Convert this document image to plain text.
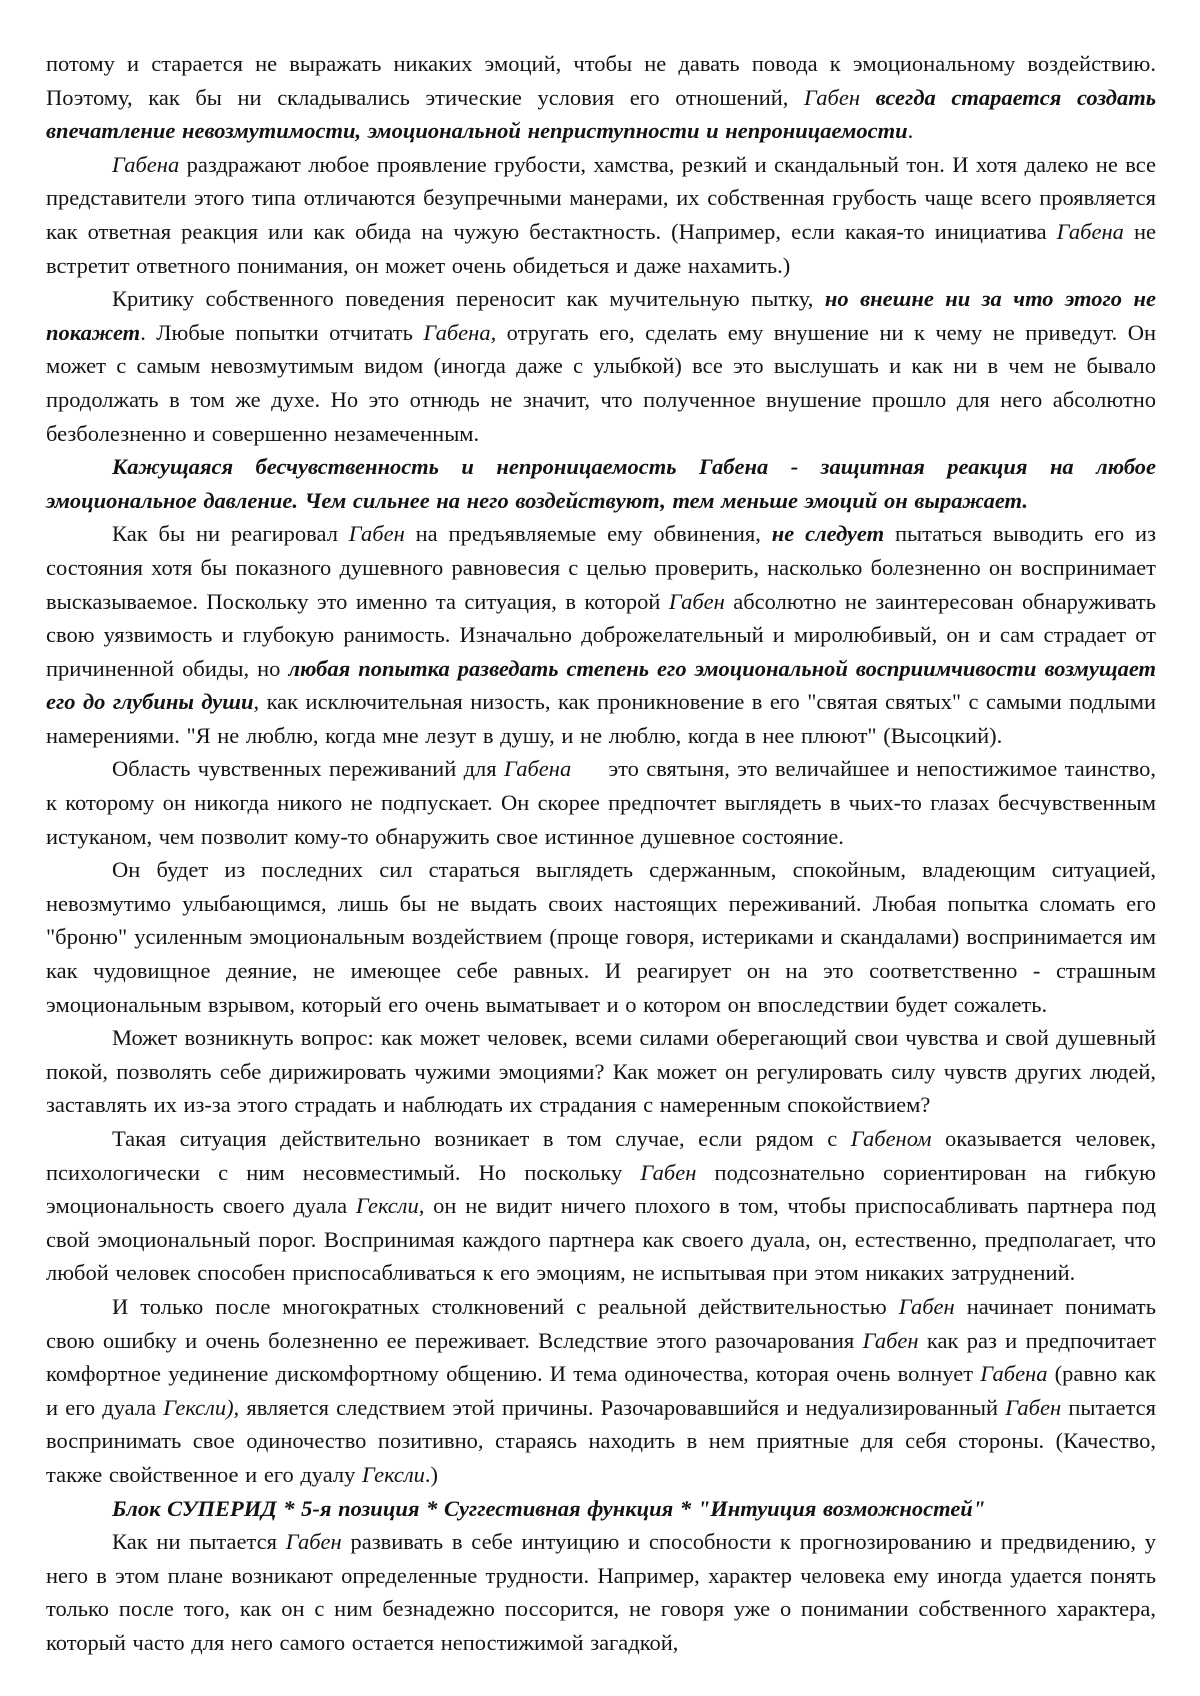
потому и старается не выражать никаких эмоций, чтобы не давать повода к эмоциональному воздействию. Поэтому, как бы ни складывались этические условия его отношений, Габен всегда старается создать впечатление невозмутимости, эмоциональной неприступности и непроницаемости.

Габена раздражают любое проявление грубости, хамства, резкий и скандальный тон. И хотя далеко не все представители этого типа отличаются безупречными манерами, их собственная грубость чаще всего проявляется как ответная реакция или как обида на чужую бестактность. (Например, если какая-то инициатива Габена не встретит ответного понимания, он может очень обидеться и даже нахамить.)

Критику собственного поведения переносит как мучительную пытку, но внешне ни за что этого не покажет. Любые попытки отчитать Габена, отругать его, сделать ему внушение ни к чему не приведут. Он может с самым невозмутимым видом (иногда даже с улыбкой) все это выслушать и как ни в чем не бывало продолжать в том же духе. Но это отнюдь не значит, что полученное внушение прошло для него абсолютно безболезненно и совершенно незамеченным.

Кажущаяся бесчувственность и непроницаемость Габена - защитная реакция на любое эмоциональное давление. Чем сильнее на него воздействуют, тем меньше эмоций он выражает.

Как бы ни реагировал Габен на предъявляемые ему обвинения, не следует пытаться выводить его из состояния хотя бы показного душевного равновесия с целью проверить, насколько болезненно он воспринимает высказываемое. Поскольку это именно та ситуация, в которой Габен абсолютно не заинтересован обнаруживать свою уязвимость и глубокую ранимость. Изначально доброжелательный и миролюбивый, он и сам страдает от причиненной обиды, но любая попытка разведать степень его эмоциональной восприимчивости возмущает его до глубины души, как исключительная низость, как проникновение в его "святая святых" с самыми подлыми намерениями. "Я не люблю, когда мне лезут в душу, и не люблю, когда в нее плюют" (Высоцкий).

Область чувственных переживаний для Габена   это святыня, это величайшее и непостижимое таинство, к которому он никогда никого не подпускает. Он скорее предпочтет выглядеть в чьих-то глазах бесчувственным истуканом, чем позволит кому-то обнаружить свое истинное душевное состояние.

Он будет из последних сил стараться выглядеть сдержанным, спокойным, владеющим ситуацией, невозмутимо улыбающимся, лишь бы не выдать своих настоящих переживаний. Любая попытка сломать его "броню" усиленным эмоциональным воздействием (проще говоря, истериками и скандалами) воспринимается им как чудовищное деяние, не имеющее себе равных. И реагирует он на это соответственно - страшным эмоциональным взрывом, который его очень выматывает и о котором он впоследствии будет сожалеть.

Может возникнуть вопрос: как может человек, всеми силами оберегающий свои чувства и свой душевный покой, позволять себе дирижировать чужими эмоциями? Как может он регулировать силу чувств других людей, заставлять их из-за этого страдать и наблюдать их страдания с намеренным спокойствием?

Такая ситуация действительно возникает в том случае, если рядом с Габеном оказывается человек, психологически с ним несовместимый. Но поскольку Габен подсознательно сориентирован на гибкую эмоциональность своего дуала Гексли, он не видит ничего плохого в том, чтобы приспосабливать партнера под свой эмоциональный порог. Воспринимая каждого партнера как своего дуала, он, естественно, предполагает, что любой человек способен приспосабливаться к его эмоциям, не испытывая при этом никаких затруднений.

И только после многократных столкновений с реальной действительностью Габен начинает понимать свою ошибку и очень болезненно ее переживает. Вследствие этого разочарования Габен как раз и предпочитает комфортное уединение дискомфортному общению. И тема одиночества, которая очень волнует Габена (равно как и его дуала Гексли), является следствием этой причины. Разочаровавшийся и недуализированный Габен пытается воспринимать свое одиночество позитивно, стараясь находить в нем приятные для себя стороны. (Качество, также свойственное и его дуалу Гексли.)

Блок СУПЕРИД * 5-я позиция * Суггестивная функция * "Интуиция возможностей"

Как ни пытается Габен развивать в себе интуицию и способности к прогнозированию и предвидению, у него в этом плане возникают определенные трудности. Например, характер человека ему иногда удается понять только после того, как он с ним безнадежно поссорится, не говоря уже о понимании собственного характера, который часто для него самого остается непостижимой загадкой,
